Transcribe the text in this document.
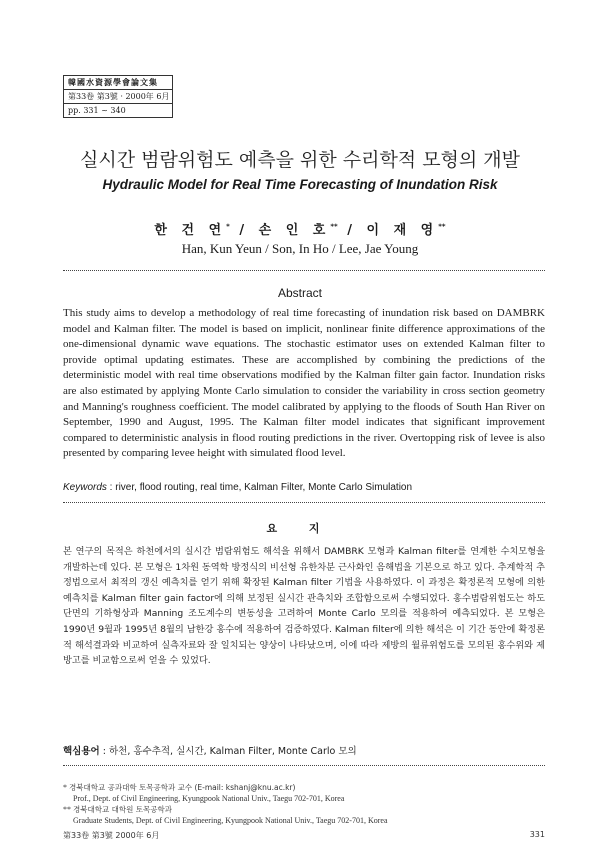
韓國水資源學會論文集
第33卷 第3號 · 2000年 6月
pp. 331 ~ 340
실시간 범람위험도 예측을 위한 수리학적 모형의 개발
Hydraulic Model for Real Time Forecasting of Inundation Risk
한 건 연* / 손 인 호** / 이 재 영**
Han, Kun Yeun / Son, In Ho / Lee, Jae Young
Abstract
This study aims to develop a methodology of real time forecasting of inundation risk based on DAMBRK model and Kalman filter. The model is based on implicit, nonlinear finite difference approximations of the one-dimensional dynamic wave equations. The stochastic estimator uses on extended Kalman filter to provide optimal updating estimates. These are accomplished by combining the predictions of the deterministic model with real time observations modified by the Kalman filter gain factor. Inundation risks are also estimated by applying Monte Carlo simulation to consider the variability in cross section geometry and Manning's roughness coefficient. The model calibrated by applying to the floods of South Han River on September, 1990 and August, 1995. The Kalman filter model indicates that significant improvement compared to deterministic analysis in flood routing predictions in the river. Overtopping risk of levee is also presented by comparing levee height with simulated flood level.
Keywords : river, flood routing, real time, Kalman Filter, Monte Carlo Simulation
요 지
본 연구의 목적은 하천에서의 실시간 범람위험도 해석을 위해서 DAMBRK 모형과 Kalman filter를 연계한 수치모형을 개발하는데 있다. 본 모형은 1차원 동역학 방정식의 비선형 유한차분 근사화인 음해법을 기본으로 하고 있다. 추계학적 추정법으로서 최적의 갱신 예측치를 얻기 위해 확장된 Kalman filter 기법을 사용하였다. 이 과정은 확정론적 모형에 의한 예측치를 Kalman filter gain factor에 의해 보정된 실시간 관측치와 조합함으로써 수행되었다. 홍수범람위험도는 하도단면의 기하형상과 Manning 조도계수의 변동성을 고려하여 Monte Carlo 모의를 적용하여 예측되었다. 본 모형은 1990년 9월과 1995년 8월의 남한강 홍수에 적용하여 검증하였다. Kalman filter에 의한 해석은 이 기간 동안에 확정론적 해석결과와 비교하여 실측자료와 잘 일치되는 양상이 나타났으며, 이에 따라 제방의 월류위험도를 모의된 홍수위와 제방고를 비교함으로써 얻을 수 있었다.
핵심용어 : 하천, 홍수추적, 실시간, Kalman Filter, Monte Carlo 모의
* 경북대학교 공과대학 토목공학과 교수 (E-mail: kshanj@knu.ac.kr)
Prof., Dept. of Civil Engineering, Kyungpook National Univ., Taegu 702-701, Korea
** 경북대학교 대학원 토목공학과
Graduate Students, Dept. of Civil Engineering, Kyungpook National Univ., Taegu 702-701, Korea
第33卷 第3號 2000年 6月	331
